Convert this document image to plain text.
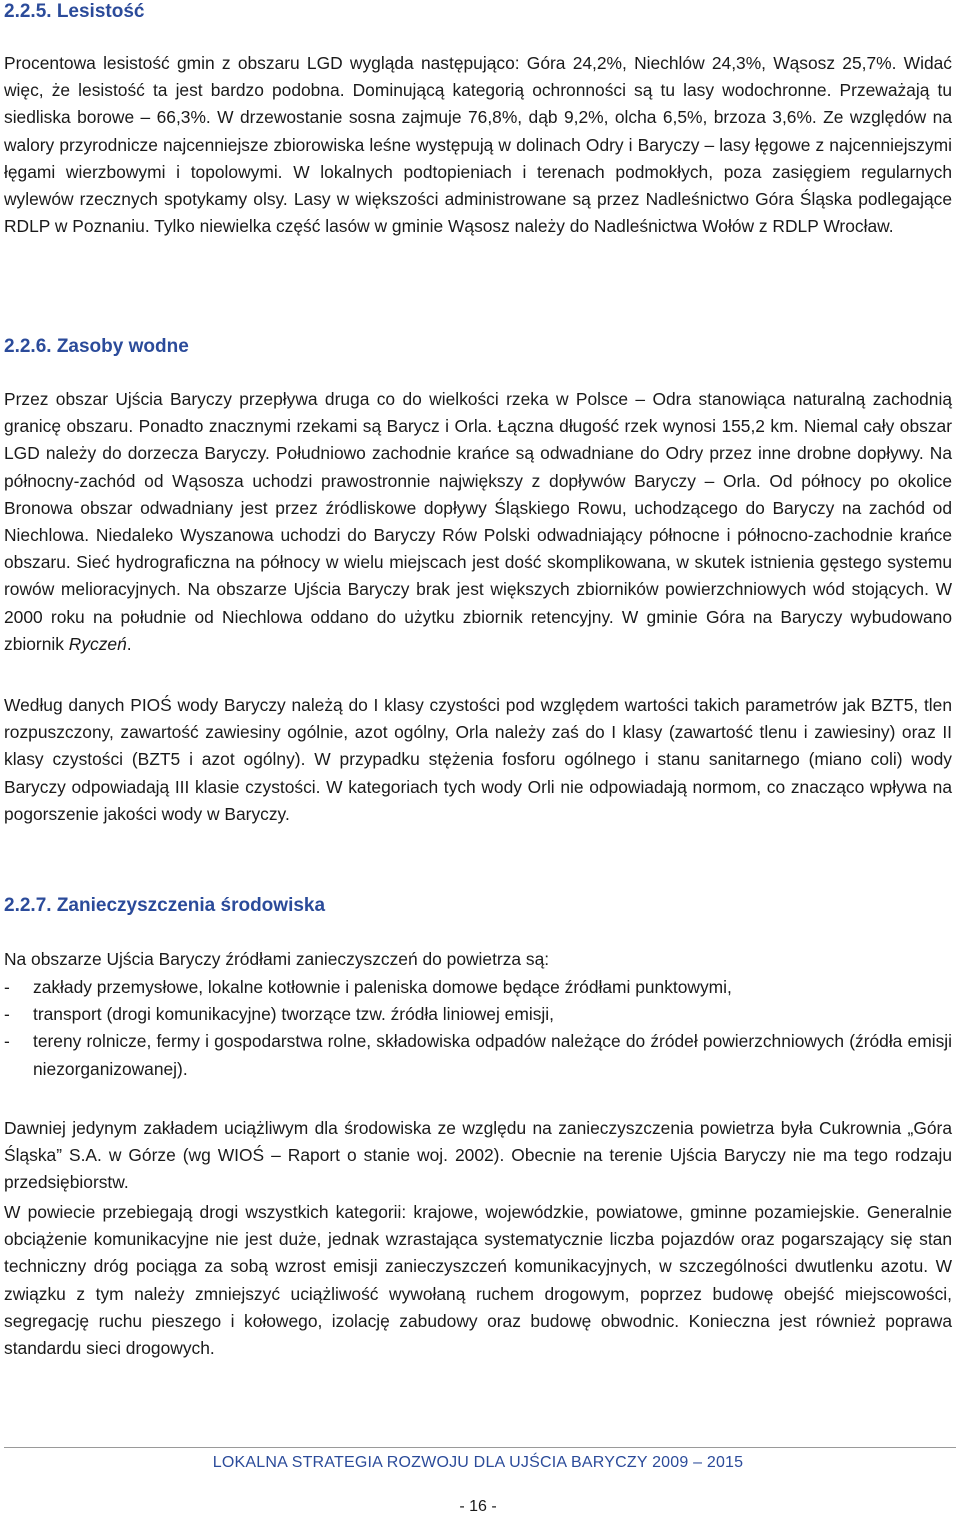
2.2.5. Lesistość

Procentowa lesistość gmin z obszaru LGD wygląda następująco: Góra 24,2%, Niechlów 24,3%, Wąsosz 25,7%. Widać więc, że lesistość ta jest bardzo podobna. Dominującą kategorią ochronności są tu lasy wodochronne. Przeważają tu siedliska borowe – 66,3%. W drzewostanie sosna zajmuje 76,8%, dąb 9,2%, olcha 6,5%, brzoza 3,6%. Ze względów na walory przyrodnicze najcenniejsze zbiorowiska leśne występują w dolinach Odry i Baryczy – lasy łęgowe z najcenniejszymi łęgami wierzbowymi i topolowymi. W lokalnych podtopieniach i terenach podmokłych, poza zasięgiem regularnych wylewów rzecznych spotykamy olsy. Lasy w większości administrowane są przez Nadleśnictwo Góra Śląska podlegające RDLP w Poznaniu. Tylko niewielka część lasów w gminie Wąsosz należy do Nadleśnictwa Wołów z RDLP Wrocław.

2.2.6. Zasoby wodne

Przez obszar Ujścia Baryczy przepływa druga co do wielkości rzeka w Polsce – Odra stanowiąca naturalną zachodnią granicę obszaru. Ponadto znacznymi rzekami są Barycz i Orla. Łączna długość rzek wynosi 155,2 km. Niemal cały obszar LGD należy do dorzecza Baryczy. Południowo zachodnie krańce są odwadniane do Odry przez inne drobne dopływy. Na północny-zachód od Wąsosza uchodzi prawostronnie największy z dopływów Baryczy – Orla. Od północy po okolice Bronowa obszar odwadniany jest przez źródliskowe dopływy Śląskiego Rowu, uchodzącego do Baryczy na zachód od Niechlowa. Niedaleko Wyszanowa uchodzi do Baryczy Rów Polski odwadniający północne i północno-zachodnie krańce obszaru. Sieć hydrograficzna na północy w wielu miejscach jest dość skomplikowana, w skutek istnienia gęstego systemu rowów melioracyjnych. Na obszarze Ujścia Baryczy brak jest większych zbiorników powierzchniowych wód stojących. W 2000 roku na południe od Niechlowa oddano do użytku zbiornik retencyjny. W gminie Góra na Baryczy wybudowano zbiornik Ryczeń.

Według danych PIOŚ wody Baryczy należą do I klasy czystości pod względem wartości takich parametrów jak BZT5, tlen rozpuszczony, zawartość zawiesiny ogólnie, azot ogólny, Orla należy zaś do I klasy (zawartość tlenu i zawiesiny) oraz II klasy czystości (BZT5 i azot ogólny). W przypadku stężenia fosforu ogólnego i stanu sanitarnego (miano coli) wody Baryczy odpowiadają III klasie czystości. W kategoriach tych wody Orli nie odpowiadają normom, co znacząco wpływa na pogorszenie jakości wody w Baryczy.

2.2.7. Zanieczyszczenia środowiska

Na obszarze Ujścia Baryczy źródłami zanieczyszczeń do powietrza są:

- zakłady przemysłowe, lokalne kotłownie i paleniska domowe będące źródłami punktowymi,
- transport (drogi komunikacyjne) tworzące tzw. źródła liniowej emisji,
- tereny rolnicze, fermy i gospodarstwa rolne, składowiska odpadów należące do źródeł powierzchniowych (źródła emisji niezorganizowanej).

Dawniej jedynym zakładem uciążliwym dla środowiska ze względu na zanieczyszczenia powietrza była Cukrownia „Góra Śląska” S.A. w Górze (wg WIOŚ – Raport o stanie woj. 2002). Obecnie na terenie Ujścia Baryczy nie ma tego rodzaju przedsiębiorstw.

W powiecie przebiegają drogi wszystkich kategorii: krajowe, wojewódzkie, powiatowe, gminne pozamiejskie. Generalnie obciążenie komunikacyjne nie jest duże, jednak wzrastająca systematycznie liczba pojazdów oraz pogarszający się stan techniczny dróg pociąga za sobą wzrost emisji zanieczyszczeń komunikacyjnych, w szczególności dwutlenku azotu. W związku z tym należy zmniejszyć uciążliwość wywołaną ruchem drogowym, poprzez budowę obejść miejscowości, segregację ruchu pieszego i kołowego, izolację zabudowy oraz budowę obwodnic. Konieczna jest również poprawa standardu sieci drogowych.

LOKALNA STRATEGIA ROZWOJU DLA UJŚCIA BARYCZY 2009 – 2015
- 16 -
